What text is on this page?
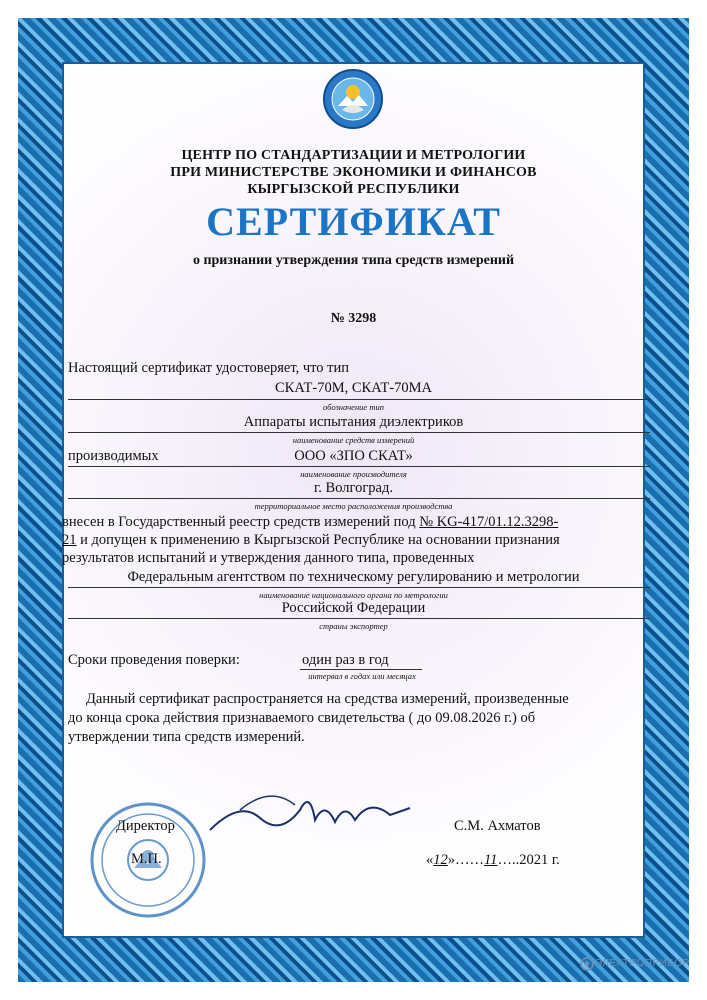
ЦЕНТР ПО СТАНДАРТИЗАЦИИ И МЕТРОЛОГИИ
ПРИ МИНИСТЕРСТВЕ ЭКОНОМИКИ И ФИНАНСОВ
КЫРГЫЗСКОЙ РЕСПУБЛИКИ
СЕРТИФИКАТ
о признании утверждения типа средств измерений
№ 3298
Настоящий сертификат удостоверяет, что тип
СКАТ-70М, СКАТ-70МА
обозначение тип
Аппараты испытания диэлектриков
наименование средств измерений
производимых	ООО «ЗПО СКАТ»
наименование производителя
г. Волгоград.
территориальное место расположения производства
внесен в Государственный реестр средств измерений под № KG-417/01.12.3298-
21 и допущен к применению в Кыргызской Республике на основании признания
результатов испытаний и утверждения данного типа, проведенных
Федеральным агентством по техническому регулированию и метрологии
наименование национального органа по метрологии
Российской Федерации
страны экспортер
Сроки проведения поверки:	один раз в год
интервал в годах или месяцах
Данный сертификат распространяется на средства измерений, произведенные
до конца срока действия признаваемого свидетельства ( до 09.08.2026 г.) об
утверждении типа средств измерений.
Директор
М.П.
С.М. Ахматов
«12»……11…..2021 г.
ЭЛЕКТРОПРИБОР
